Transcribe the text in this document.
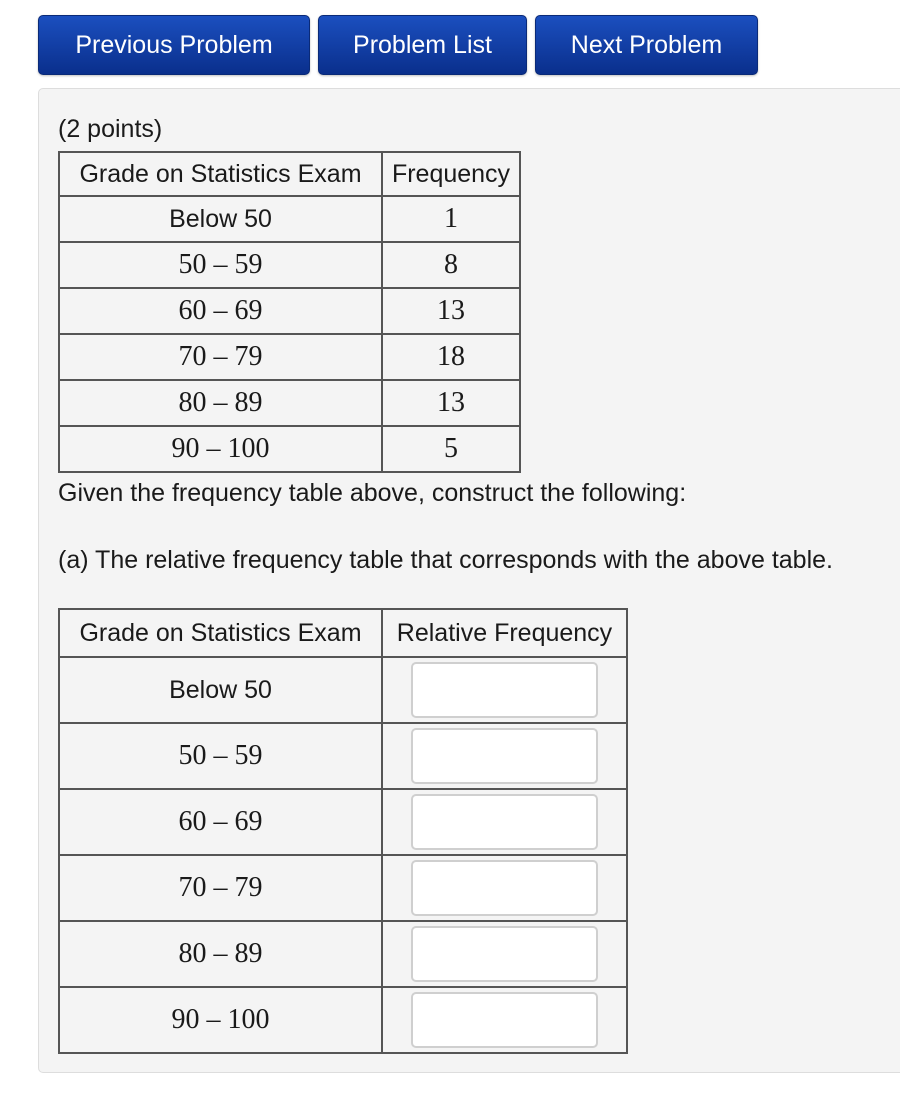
Previous Problem	Problem List	Next Problem
(2 points)
Grade on Statistics Exam	Frequency
Below 50	1
50 – 59	8
60 – 69	13
70 – 79	18
80 – 89	13
90 – 100	5
Given the frequency table above, construct the following:
(a) The relative frequency table that corresponds with the above table.
Grade on Statistics Exam	Relative Frequency
Below 50	

50 – 59	

60 – 69	

70 – 79	

80 – 89	

90 – 100	
